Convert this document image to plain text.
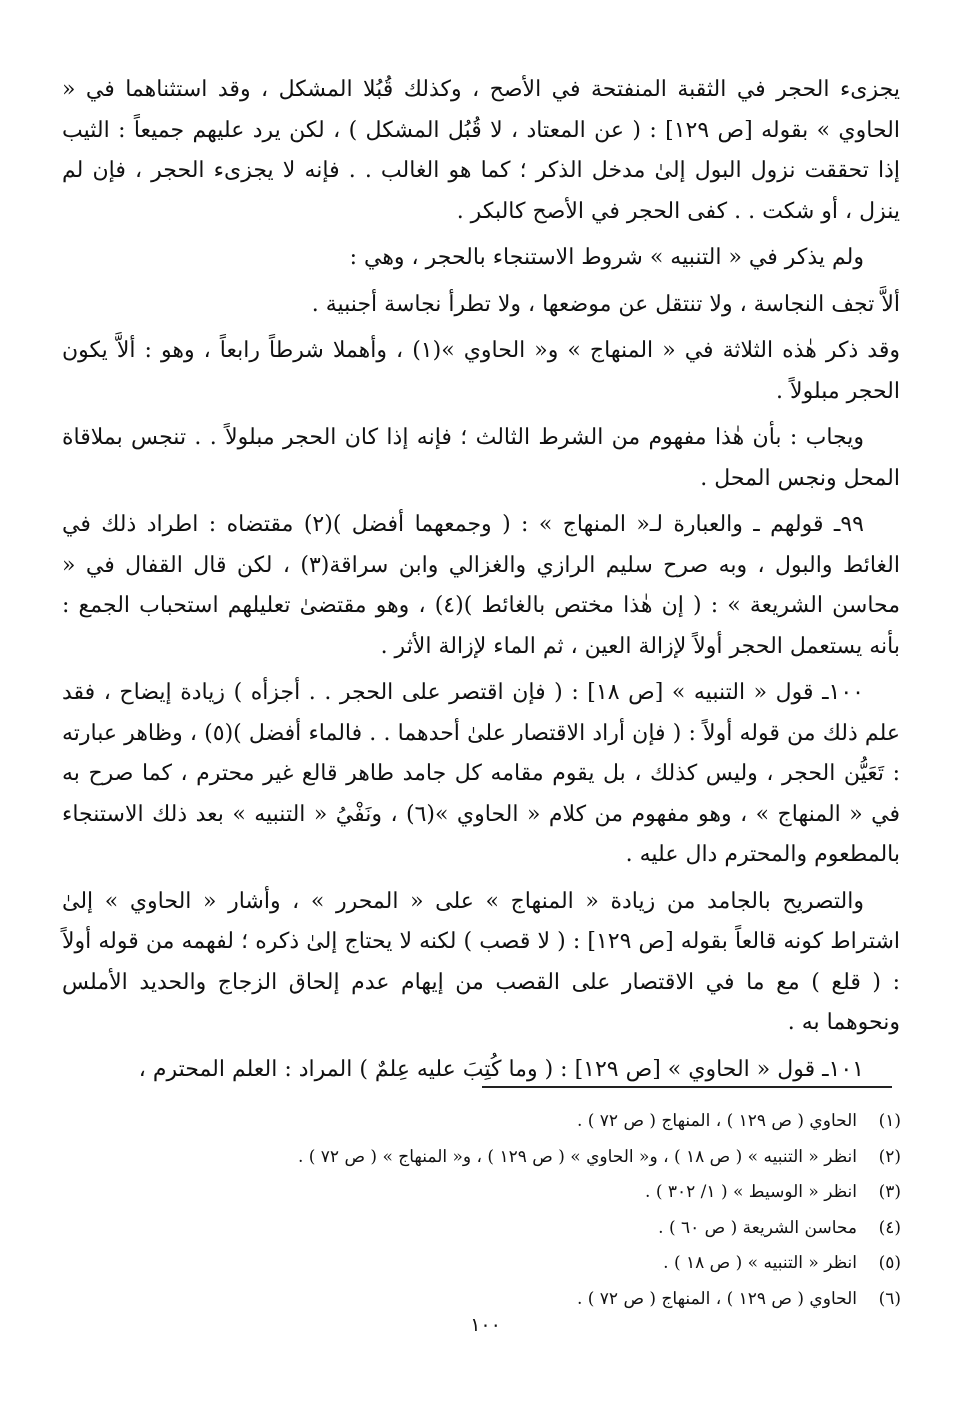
يجزىء الحجر في الثقبة المنفتحة في الأصح ، وكذلك قُبُلا المشكل ، وقد استثناهما في « الحاوي » بقوله [ص ١٢٩] : ( عن المعتاد ، لا قُبُل المشكل ) ، لكن يرد عليهم جميعاً : الثيب إذا تحققت نزول البول إلىٰ مدخل الذكر ؛ كما هو الغالب . . فإنه لا يجزىء الحجر ، فإن لم ينزل ، أو شكت . . كفى الحجر في الأصح كالبكر .

ولم يذكر في « التنبيه » شروط الاستنجاء بالحجر ، وهي :

ألاَّ تجف النجاسة ، ولا تنتقل عن موضعها ، ولا تطرأ نجاسة أجنبية .

وقد ذكر هٰذه الثلاثة في « المنهاج » و« الحاوي »(١) ، وأهملا شرطاً رابعاً ، وهو : ألاَّ يكون الحجر مبلولاً .

ويجاب : بأن هٰذا مفهوم من الشرط الثالث ؛ فإنه إذا كان الحجر مبلولاً . . تنجس بملاقاة المحل ونجس المحل .

٩٩ـ قولهم ـ والعبارة لـ« المنهاج » : ( وجمعهما أفضل )(٢) مقتضاه : اطراد ذلك في الغائط والبول ، وبه صرح سليم الرازي والغزالي وابن سراقة(٣) ، لكن قال القفال في « محاسن الشريعة » : ( إن هٰذا مختص بالغائط )(٤) ، وهو مقتضىٰ تعليلهم استحباب الجمع : بأنه يستعمل الحجر أولاً لإزالة العين ، ثم الماء لإزالة الأثر .

١٠٠ـ قول « التنبيه » [ص ١٨] : ( فإن اقتصر على الحجر . . أجزأه ) زيادة إيضاح ، فقد علم ذلك من قوله أولاً : ( فإن أراد الاقتصار علىٰ أحدهما . . فالماء أفضل )(٥) ، وظاهر عبارته : تَعَيُّن الحجر ، وليس كذلك ، بل يقوم مقامه كل جامد طاهر قالع غير محترم ، كما صرح به في « المنهاج » ، وهو مفهوم من كلام « الحاوي »(٦) ، ونَفْيُ « التنبيه » بعد ذلك الاستنجاء بالمطعوم والمحترم دال عليه .

والتصريح بالجامد من زيادة « المنهاج » على « المحرر » ، وأشار « الحاوي » إلىٰ اشتراط كونه قالعاً بقوله [ص ١٢٩] : ( لا قصب ) لكنه لا يحتاج إلىٰ ذكره ؛ لفهمه من قوله أولاً : ( قلع ) مع ما في الاقتصار على القصب من إيهام عدم إلحاق الزجاج والحديد الأملس ونحوهما به .

١٠١ـ قول « الحاوي » [ص ١٢٩] : ( وما كُتِبَ عليه عِلمٌ ) المراد : العلم المحترم ،

(١)
الحاوي ( ص ١٢٩ ) ، المنهاج ( ص ٧٢ ) .
(٢)
انظر « التنبيه » ( ص ١٨ ) ، و« الحاوي » ( ص ١٢٩ ) ، و« المنهاج » ( ص ٧٢ ) .
(٣)
انظر « الوسيط » ( ١/ ٣٠٢ ) .
(٤)
محاسن الشريعة ( ص ٦٠ ) .
(٥)
انظر « التنبيه » ( ص ١٨ ) .
(٦)
الحاوي ( ص ١٢٩ ) ، المنهاج ( ص ٧٢ ) .
١٠٠
